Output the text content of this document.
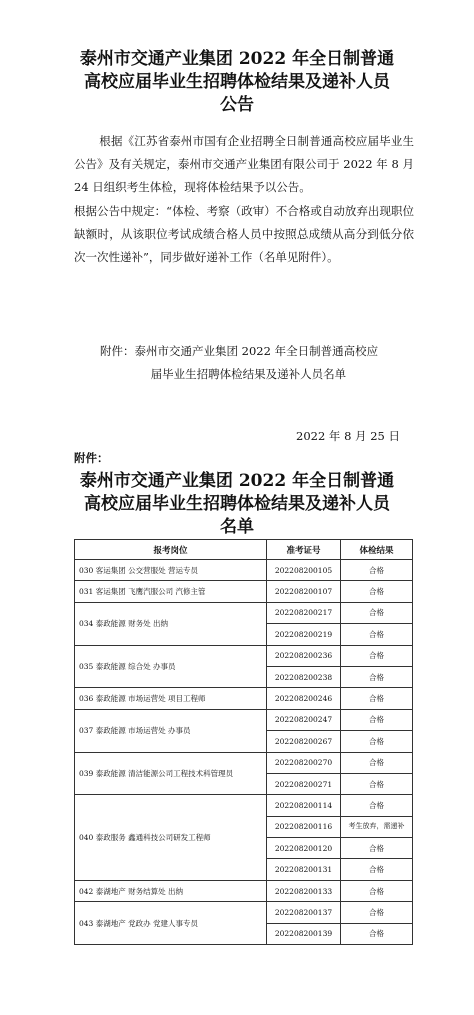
泰州市交通产业集团 2022 年全日制普通
高校应届毕业生招聘体检结果及递补人员
公告

根据《江苏省泰州市国有企业招聘全日制普通高校应届毕业生公告》及有关规定，泰州市交通产业集团有限公司于 2022 年 8 月 24 日组织考生体检，现将体检结果予以公告。

根据公告中规定：“体检、考察（政审）不合格或自动放弃出现职位缺额时，从该职位考试成绩合格人员中按照总成绩从高分到低分依次一次性递补”，同步做好递补工作（名单见附件）。

附件：泰州市交通产业集团 2022 年全日制普通高校应
届毕业生招聘体检结果及递补人员名单

2022 年 8 月 25 日

附件：

泰州市交通产业集团 2022 年全日制普通
高校应届毕业生招聘体检结果及递补人员
名单
报考岗位	准考证号	体检结果
030 客运集团 公交营服处 营运专员	202208200105	合格
031 客运集团 飞鹰汽服公司 汽修主管	202208200107	合格
034 泰政能源 财务处 出纳	202208200217	合格
	202208200219	合格
035 泰政能源 综合处 办事员	202208200236	合格
	202208200238	合格
036 泰政能源 市场运营处 项目工程师	202208200246	合格
037 泰政能源 市场运营处 办事员	202208200247	合格
	202208200267	合格
039 泰政能源 清洁能源公司工程技术科管理员	202208200270	合格
	202208200271	合格
040 泰政服务 鑫通科技公司研发工程师	202208200114	合格
	202208200116	考生放弃，需递补
	202208200120	合格
	202208200131	合格
042 泰湖地产 财务结算处 出纳	202208200133	合格
043 泰湖地产 党政办 党建人事专员	202208200137	合格
	202208200139	合格
